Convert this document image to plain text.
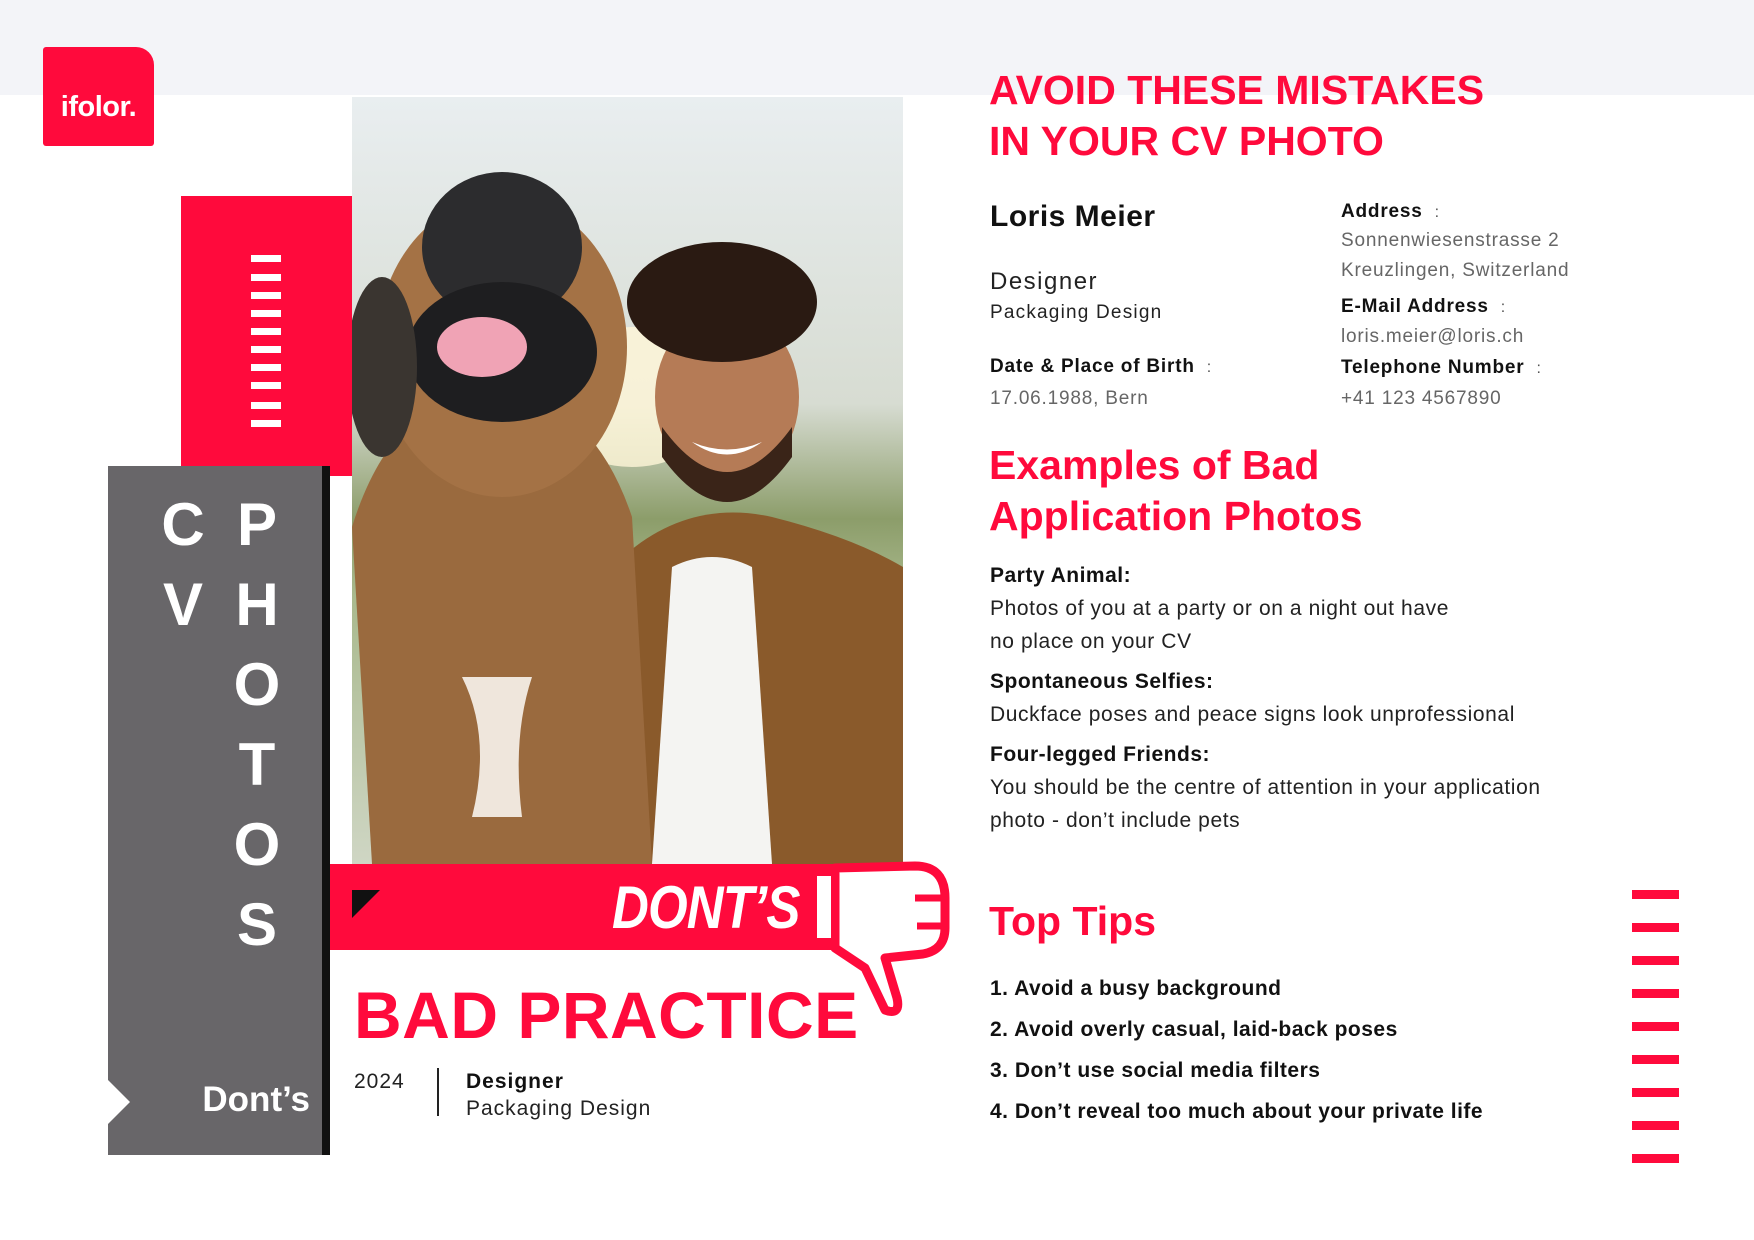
ifolor.
C
V
P
H
O
T
O
S
Dont’s
DONT’S
BAD PRACTICE
2024	Designer
Packaging Design
AVOID THESE MISTAKES
IN YOUR CV PHOTO
Loris Meier
Designer
Packaging Design
Date & Place of Birth :
17.06.1988, Bern
Address :
Sonnenwiesenstrasse 2
Kreuzlingen, Switzerland
E-Mail Address :
loris.meier@loris.ch
Telephone Number :
+41 123 4567890
Examples of Bad
Application Photos
Party Animal:
Photos of you at a party or on a night out have
no place on your CV
Spontaneous Selfies:
Duckface poses and peace signs look unprofessional
Four-legged Friends:
You should be the centre of attention in your application
photo - don’t include pets
Top Tips
1. Avoid a busy background
2. Avoid overly casual, laid-back poses
3. Don’t use social media filters
4. Don’t reveal too much about your private life
